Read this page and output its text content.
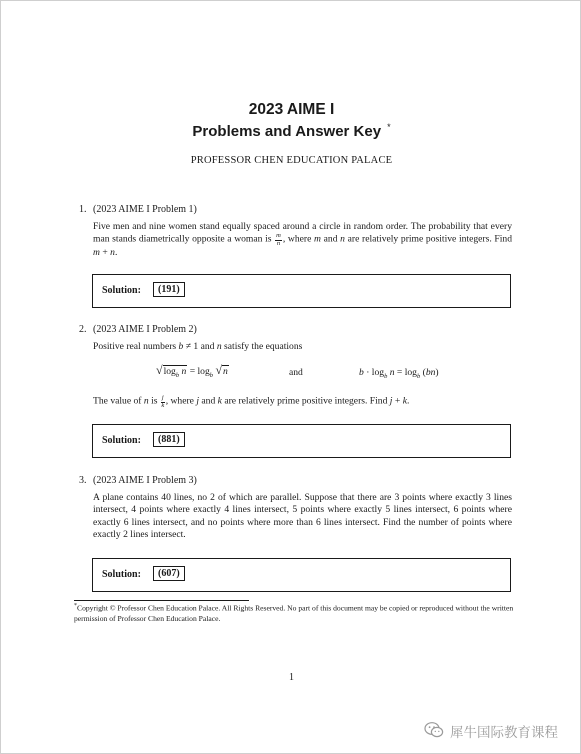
2023 AIME I
Problems and Answer Key *
PROFESSOR CHEN EDUCATION PALACE
1. (2023 AIME I Problem 1)
Five men and nine women stand equally spaced around a circle in random order. The probability that every man stands diametrically opposite a woman is $\frac{m}{n}$ , where m and n are relatively prime positive integers. Find m + n.
Solution:	(191)
2. (2023 AIME I Problem 2)
Positive real numbers b ≠ 1 and n satisfy the equations
$√\log_b$ $n = \log_b √n$	and	$b \cdot \log_b n = \log_b (bn)$
The value of n is $\frac{j}{k}$ , where j and k are relatively prime positive integers. Find j + k.
Solution:	(881)
3. (2023 AIME I Problem 3)
A plane contains 40 lines, no 2 of which are parallel. Suppose that there are 3 points where exactly 3 lines intersect, 4 points where exactly 4 lines intersect, 5 points where exactly 5 lines intersect, 6 points where exactly 6 lines intersect, and no points where more than 6 lines intersect. Find the number of points where exactly 2 lines intersect.
Solution:	(607)
*Copyright © Professor Chen Education Palace. All Rights Reserved. No part of this document may be copied or reproduced without the written permission of Professor Chen Education Palace.
1
犀牛国际教育课程
